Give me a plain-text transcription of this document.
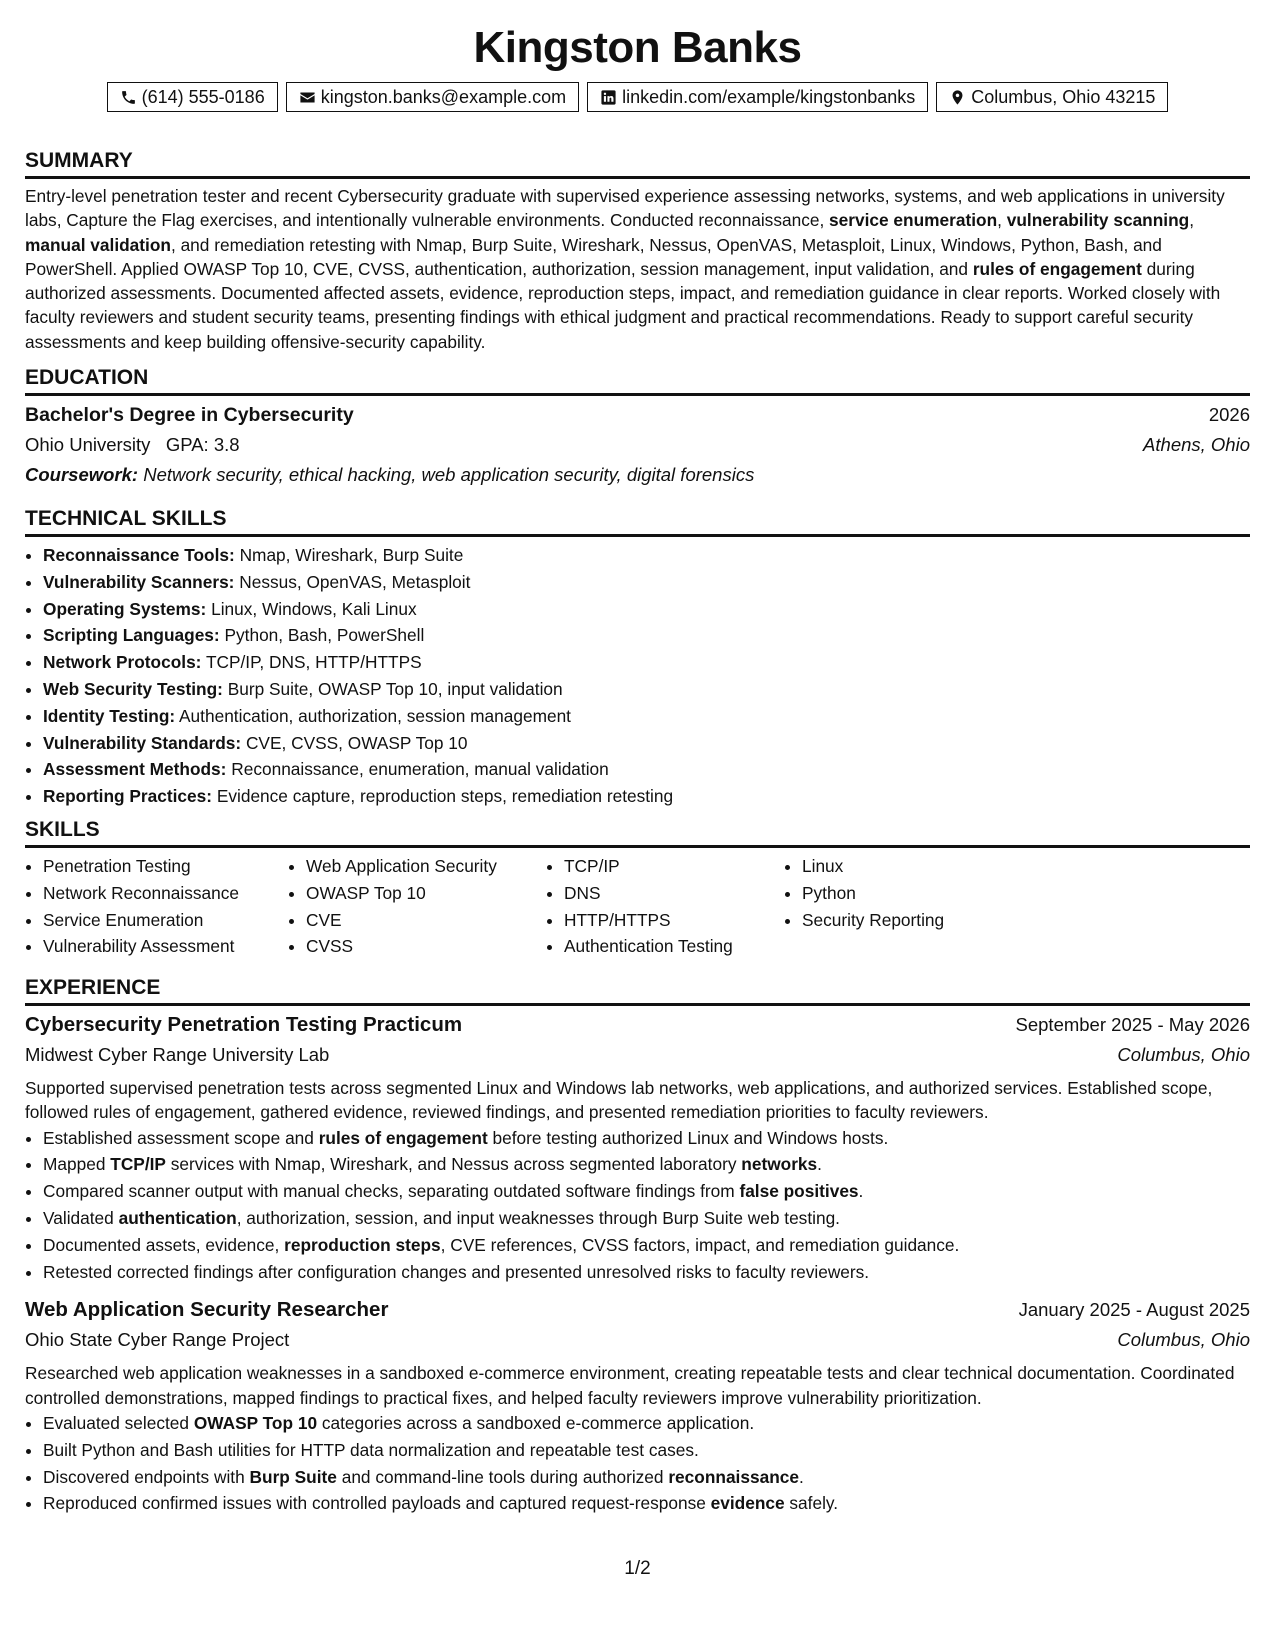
Kingston Banks
(614) 555-0186	kingston.banks@example.com	linkedin.com/example/kingstonbanks	Columbus, Ohio 43215
SUMMARY
Entry-level penetration tester and recent Cybersecurity graduate with supervised experience assessing networks, systems, and web applications in university labs, Capture the Flag exercises, and intentionally vulnerable environments. Conducted reconnaissance, service enumeration, vulnerability scanning, manual validation, and remediation retesting with Nmap, Burp Suite, Wireshark, Nessus, OpenVAS, Metasploit, Linux, Windows, Python, Bash, and PowerShell. Applied OWASP Top 10, CVE, CVSS, authentication, authorization, session management, input validation, and rules of engagement during authorized assessments. Documented affected assets, evidence, reproduction steps, impact, and remediation guidance in clear reports. Worked closely with faculty reviewers and student security teams, presenting findings with ethical judgment and practical recommendations. Ready to support careful security assessments and keep building offensive-security capability.
EDUCATION
Bachelor's Degree in Cybersecurity	2026
Ohio University GPA: 3.8	Athens, Ohio
Coursework: Network security, ethical hacking, web application security, digital forensics
TECHNICAL SKILLS
• Reconnaissance Tools: Nmap, Wireshark, Burp Suite
• Vulnerability Scanners: Nessus, OpenVAS, Metasploit
• Operating Systems: Linux, Windows, Kali Linux
• Scripting Languages: Python, Bash, PowerShell
• Network Protocols: TCP/IP, DNS, HTTP/HTTPS
• Web Security Testing: Burp Suite, OWASP Top 10, input validation
• Identity Testing: Authentication, authorization, session management
• Vulnerability Standards: CVE, CVSS, OWASP Top 10
• Assessment Methods: Reconnaissance, enumeration, manual validation
• Reporting Practices: Evidence capture, reproduction steps, remediation retesting
SKILLS
• Penetration Testing
• Network Reconnaissance
• Service Enumeration
• Vulnerability Assessment
• Web Application Security
• OWASP Top 10
• CVE
• CVSS
• TCP/IP
• DNS
• HTTP/HTTPS
• Authentication Testing
• Linux
• Python
• Security Reporting
EXPERIENCE
Cybersecurity Penetration Testing Practicum	September 2025 - May 2026
Midwest Cyber Range University Lab	Columbus, Ohio
Supported supervised penetration tests across segmented Linux and Windows lab networks, web applications, and authorized services. Established scope, followed rules of engagement, gathered evidence, reviewed findings, and presented remediation priorities to faculty reviewers.
• Established assessment scope and rules of engagement before testing authorized Linux and Windows hosts.
• Mapped TCP/IP services with Nmap, Wireshark, and Nessus across segmented laboratory networks.
• Compared scanner output with manual checks, separating outdated software findings from false positives.
• Validated authentication, authorization, session, and input weaknesses through Burp Suite web testing.
• Documented assets, evidence, reproduction steps, CVE references, CVSS factors, impact, and remediation guidance.
• Retested corrected findings after configuration changes and presented unresolved risks to faculty reviewers.
Web Application Security Researcher	January 2025 - August 2025
Ohio State Cyber Range Project	Columbus, Ohio
Researched web application weaknesses in a sandboxed e-commerce environment, creating repeatable tests and clear technical documentation. Coordinated controlled demonstrations, mapped findings to practical fixes, and helped faculty reviewers improve vulnerability prioritization.
• Evaluated selected OWASP Top 10 categories across a sandboxed e-commerce application.
• Built Python and Bash utilities for HTTP data normalization and repeatable test cases.
• Discovered endpoints with Burp Suite and command-line tools during authorized reconnaissance.
• Reproduced confirmed issues with controlled payloads and captured request-response evidence safely.
1/2
